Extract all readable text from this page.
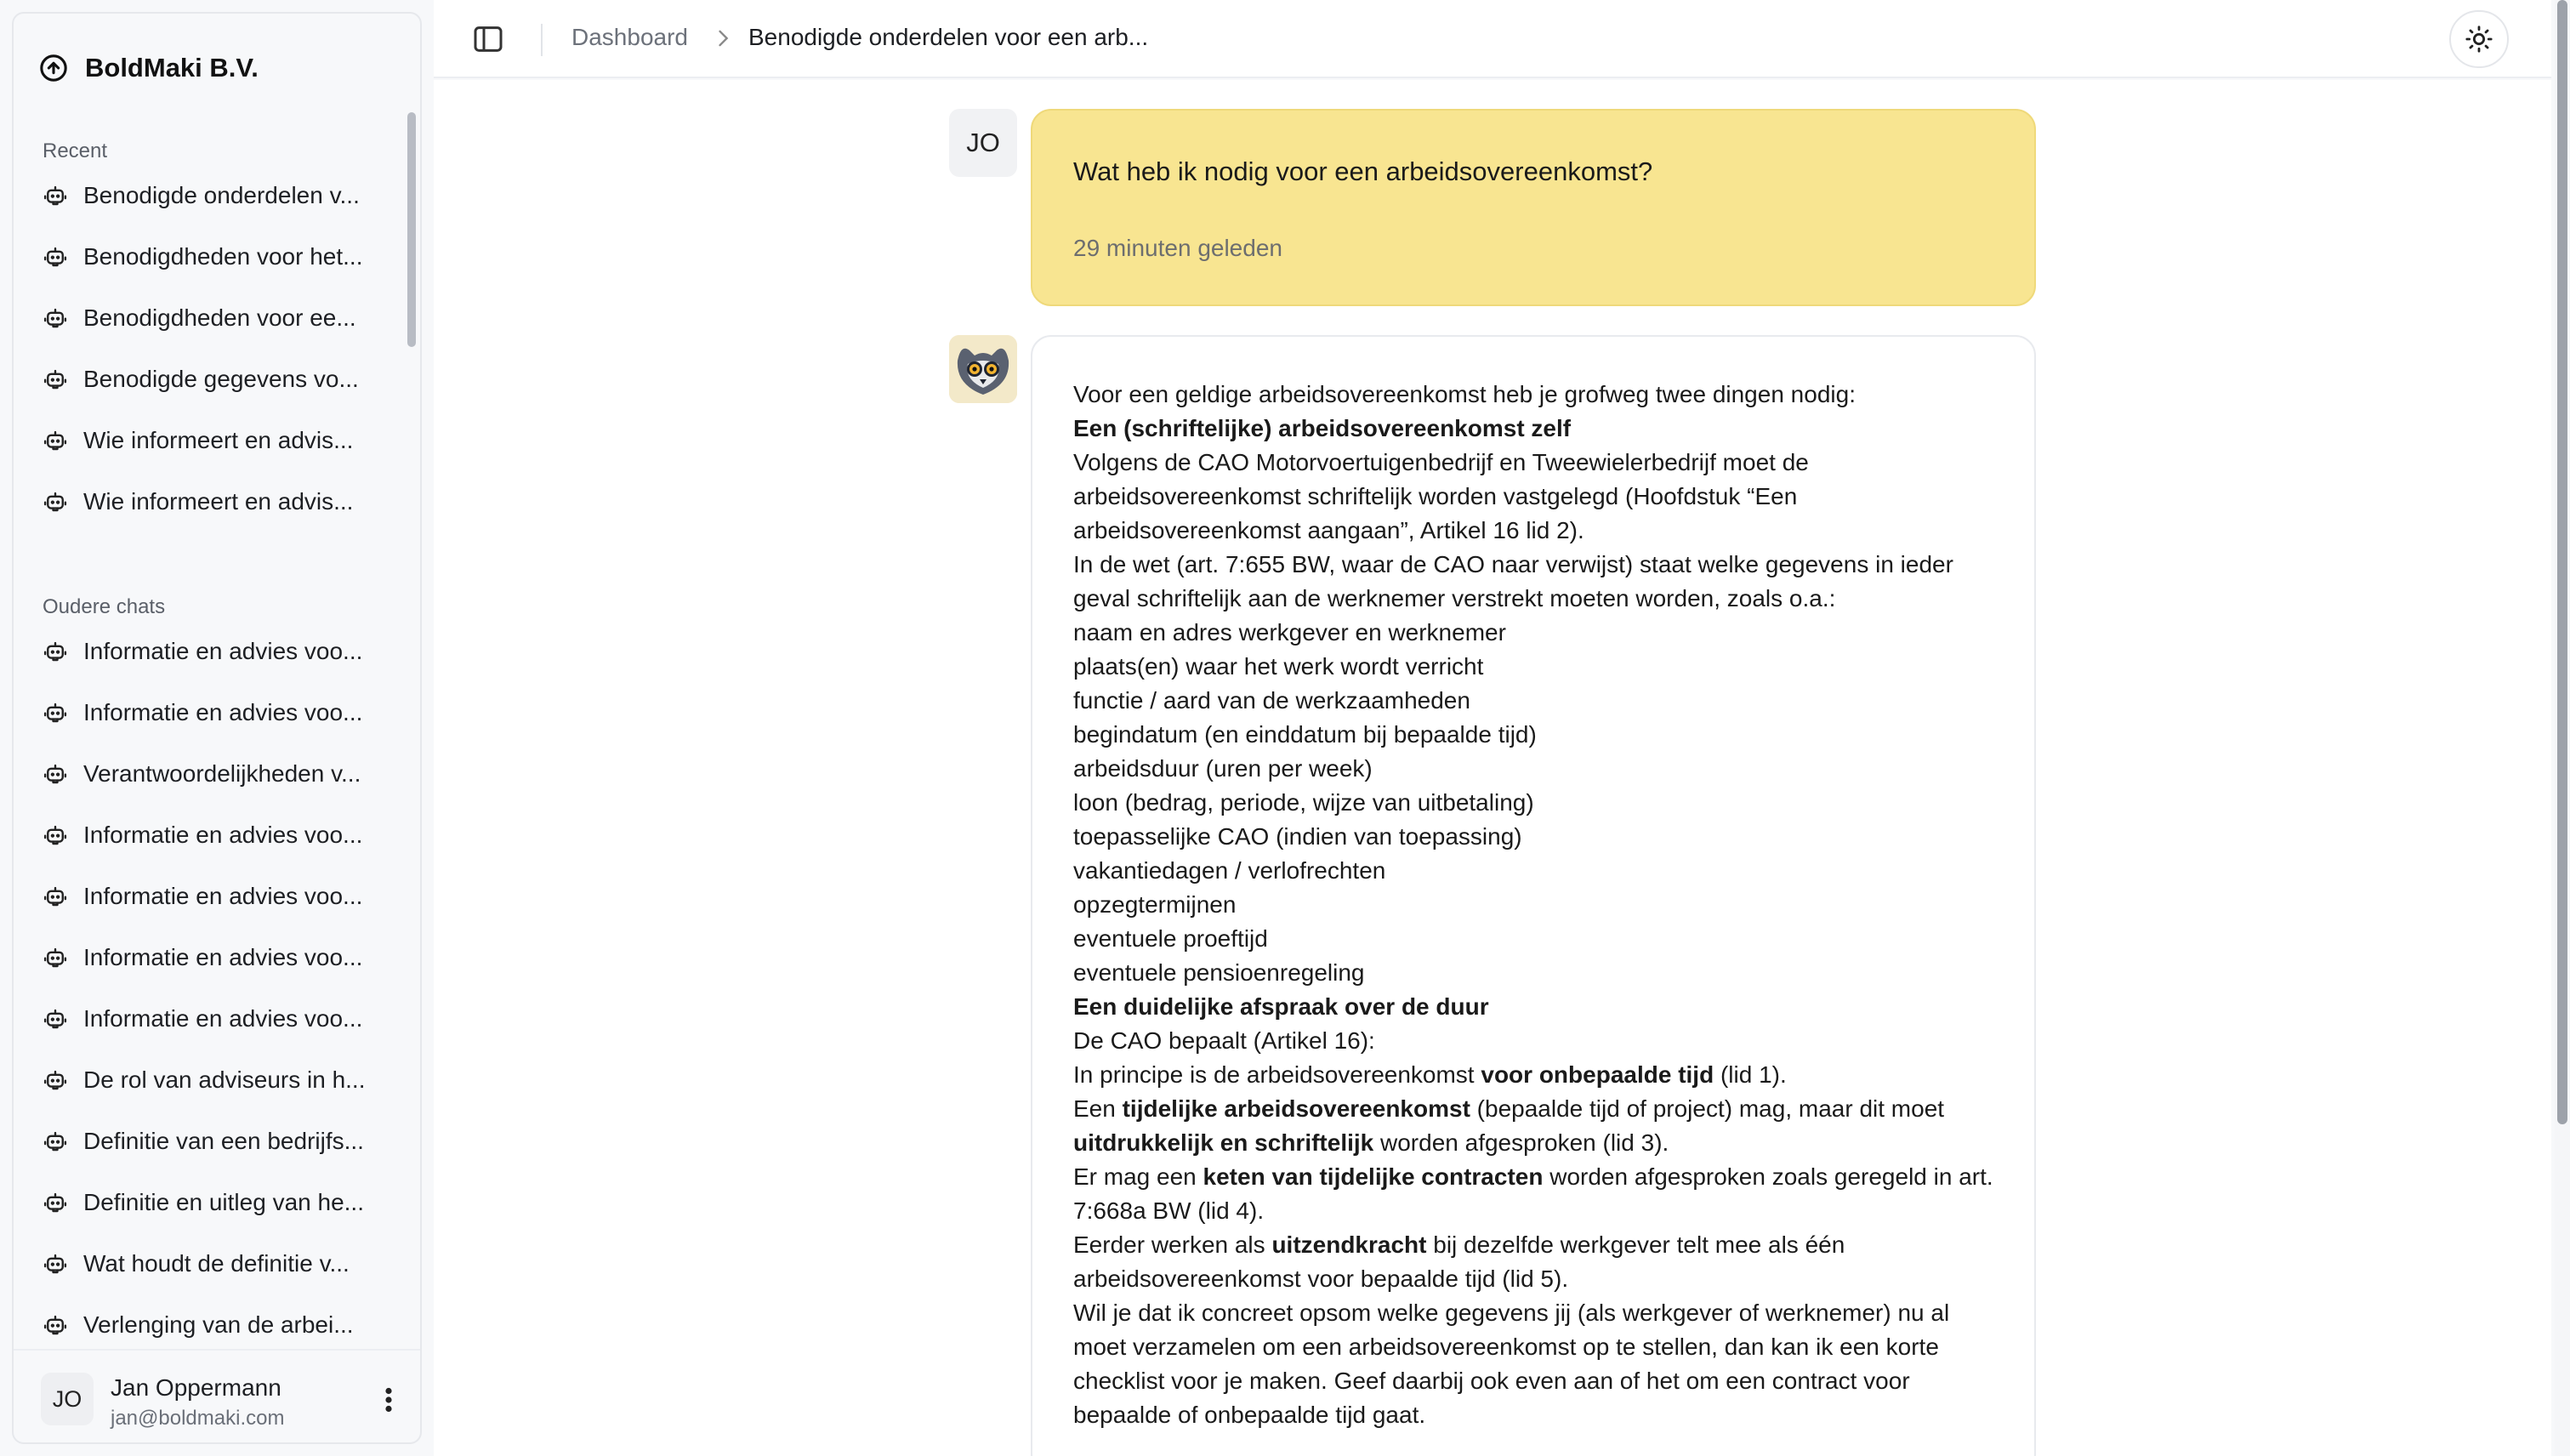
BoldMaki B.V.
Recent
Benodigde onderdelen v...
Benodigdheden voor het...
Benodigdheden voor ee...
Benodigde gegevens vo...
Wie informeert en advis...
Wie informeert en advis...
Oudere chats
Informatie en advies voo...
Informatie en advies voo...
Verantwoordelijkheden v...
Informatie en advies voo...
Informatie en advies voo...
Informatie en advies voo...
Informatie en advies voo...
De rol van adviseurs in h...
Definitie van een bedrijfs...
Definitie en uitleg van he...
Wat houdt de definitie v...
Verlenging van de arbei...
JO	Jan Oppermann
jan@boldmaki.com
Dashboard	Benodigde onderdelen voor een arb...
JO
Wat heb ik nodig voor een arbeidsovereenkomst?
29 minuten geleden

Voor een geldige arbeidsovereenkomst heb je grofweg twee dingen nodig:

Een (schriftelijke) arbeidsovereenkomst zelf

Volgens de CAO Motorvoertuigenbedrijf en Tweewielerbedrijf moet de arbeidsovereenkomst schriftelijk worden vastgelegd (Hoofdstuk “Een arbeidsovereenkomst aangaan”, Artikel 16 lid 2).

In de wet (art. 7:655 BW, waar de CAO naar verwijst) staat welke gegevens in ieder geval schriftelijk aan de werknemer verstrekt moeten worden, zoals o.a.:

naam en adres werkgever en werknemer

plaats(en) waar het werk wordt verricht

functie / aard van de werkzaamheden

begindatum (en einddatum bij bepaalde tijd)

arbeidsduur (uren per week)

loon (bedrag, periode, wijze van uitbetaling)

toepasselijke CAO (indien van toepassing)

vakantiedagen / verlofrechten

opzegtermijnen

eventuele proeftijd

eventuele pensioenregeling

Een duidelijke afspraak over de duur

De CAO bepaalt (Artikel 16):

In principe is de arbeidsovereenkomst voor onbepaalde tijd (lid 1).

Een tijdelijke arbeidsovereenkomst (bepaalde tijd of project) mag, maar dit moet uitdrukkelijk en schriftelijk worden afgesproken (lid 3).

Er mag een keten van tijdelijke contracten worden afgesproken zoals geregeld in art. 7:668a BW (lid 4).

Eerder werken als uitzendkracht bij dezelfde werkgever telt mee als één arbeidsovereenkomst voor bepaalde tijd (lid 5).

Wil je dat ik concreet opsom welke gegevens jij (als werkgever of werknemer) nu al moet verzamelen om een arbeidsovereenkomst op te stellen, dan kan ik een korte checklist voor je maken. Geef daarbij ook even aan of het om een contract voor bepaalde of onbepaalde tijd gaat.
